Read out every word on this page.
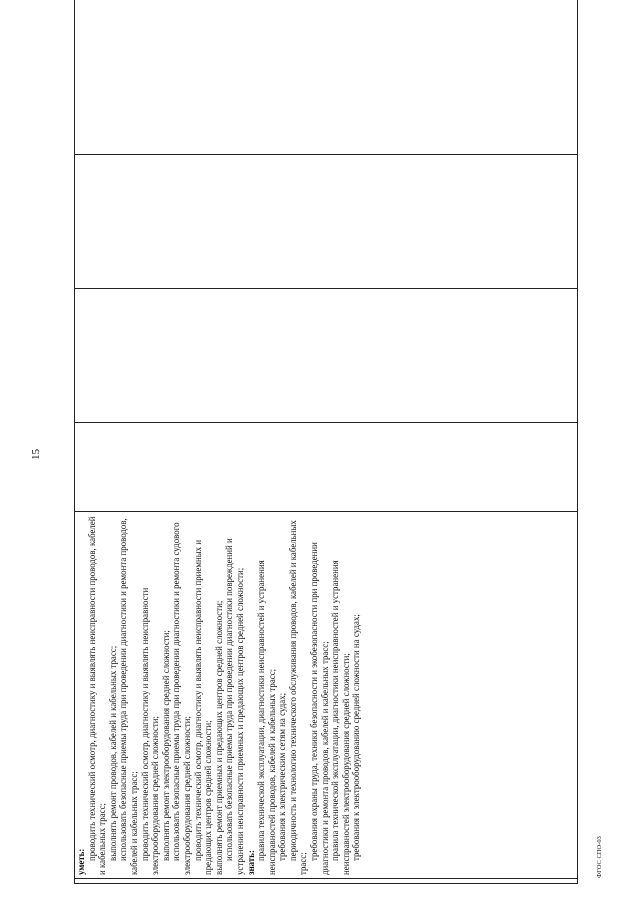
15

уметь:

проводить технический осмотр, диагностику и выявлять неисправности проводов, кабелей и кабельных трасс; выполнять ремонт проводов, кабелей и кабельных трасс; использовать безопасные приемы труда при проведении диагностики и ремонта проводов, кабелей и кабельных трасс; проводить технический осмотр, диагностику и выявлять неисправности электрооборудования средней сложности; выполнять ремонт электрооборудования средней сложности; использовать безопасные приемы труда при проведении диагностики и ремонта судового электрооборудования средней сложности; проводить технический осмотр, диагностику и выявлять неисправности приемных и предающих центров средней сложности; выполнять ремонт приемных и предающих центров средней сложности; использовать безопасные приемы труда при проведении диагностики повреждений и устранении неисправности приемных и предающих центров средней сложности; знать:

правила технической эксплуатации, диагностики неисправностей и устранения неисправностей проводов, кабелей и кабельных трасс; требования к электрическим сетям на судах; периодичность и технологию технического обслуживания проводов, кабелей и кабельных трасс;

требования охраны труда, техники безопасности и экобезопасности при проведении диагностики и ремонта проводов, кабелей и кабельных трасс; правила технической эксплуатации, диагностики неисправностей и устранения неисправностей электрооборудования средней сложности; требования к электрооборудованию средней сложности на судах;

					ФГОС СПО-03
